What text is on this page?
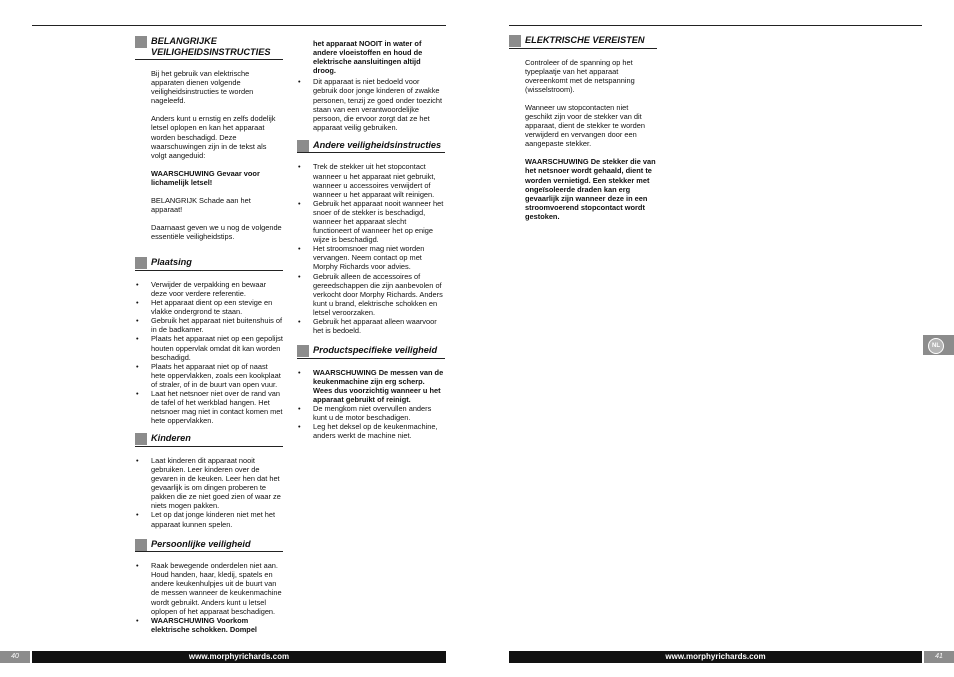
BELANGRIJKE VEILIGHEIDSINSTRUCTIES

Bij het gebruik van elektrische apparaten dienen volgende veiligheidsinstructies te worden nageleefd.

Anders kunt u ernstig en zelfs dodelijk letsel oplopen en kan het apparaat worden beschadigd. Deze waarschuwingen zijn in de tekst als volgt aangeduid:

WAARSCHUWING Gevaar voor lichamelijk letsel!

BELANGRIJK Schade aan het apparaat!

Daarnaast geven we u nog de volgende essentiële veiligheidstips.

Plaatsing
• Verwijder de verpakking en bewaar deze voor verdere referentie.
• Het apparaat dient op een stevige en vlakke ondergrond te staan.
• Gebruik het apparaat niet buitenshuis of in de badkamer.
• Plaats het apparaat niet op een gepolijst houten oppervlak omdat dit kan worden beschadigd.
• Plaats het apparaat niet op of naast hete oppervlakken, zoals een kookplaat of straler, of in de buurt van open vuur.
• Laat het netsnoer niet over de rand van de tafel of het werkblad hangen. Het netsnoer mag niet in contact komen met hete oppervlakken.
Kinderen
• Laat kinderen dit apparaat nooit gebruiken. Leer kinderen over de gevaren in de keuken. Leer hen dat het gevaarlijk is om dingen proberen te pakken die ze niet goed zien of waar ze niets mogen pakken.
• Let op dat jonge kinderen niet met het apparaat kunnen spelen.
Persoonlijke veiligheid
• Raak bewegende onderdelen niet aan. Houd handen, haar, kledij, spatels en andere keukenhulpjes uit de buurt van de messen wanneer de keukenmachine wordt gebruikt. Anders kunt u letsel oplopen of het apparaat beschadigen.
• WAARSCHUWING Voorkom elektrische schokken. Dompel

het apparaat NOOIT in water of andere vloeistoffen en houd de elektrische aansluitingen altijd droog.

• Dit apparaat is niet bedoeld voor gebruik door jonge kinderen of zwakke personen, tenzij ze goed onder toezicht staan van een verantwoordelijke persoon, die ervoor zorgt dat ze het apparaat veilig gebruiken.
Andere veiligheidsinstructies
• Trek de stekker uit het stopcontact wanneer u het apparaat niet gebruikt, wanneer u accessoires verwijdert of wanneer u het apparaat wilt reinigen.
• Gebruik het apparaat nooit wanneer het snoer of de stekker is beschadigd, wanneer het apparaat slecht functioneert of wanneer het op enige wijze is beschadigd.
• Het stroomsnoer mag niet worden vervangen. Neem contact op met Morphy Richards voor advies.
• Gebruik alleen de accessoires of gereedschappen die zijn aanbevolen of verkocht door Morphy Richards. Anders kunt u brand, elektrische schokken en letsel veroorzaken.
• Gebruik het apparaat alleen waarvoor het is bedoeld.
Productspecifieke veiligheid
• WAARSCHUWING De messen van de keukenmachine zijn erg scherp. Wees dus voorzichtig wanneer u het apparaat gebruikt of reinigt.
• De mengkom niet overvullen anders kunt u de motor beschadigen.
• Leg het deksel op de keukenmachine, anders werkt de machine niet.
ELEKTRISCHE VEREISTEN

Controleer of de spanning op het typeplaatje van het apparaat overeenkomt met de netspanning (wisselstroom).

Wanneer uw stopcontacten niet geschikt zijn voor de stekker van dit apparaat, dient de stekker te worden verwijderd en vervangen door een aangepaste stekker.

WAARSCHUWING De stekker die van het netsnoer wordt gehaald, dient te worden vernietigd. Een stekker met ongeïsoleerde draden kan erg gevaarlijk zijn wanneer deze in een stroomvoerend stopcontact wordt gestoken.

NL
40	www.morphyrichards.com	www.morphyrichards.com	41
